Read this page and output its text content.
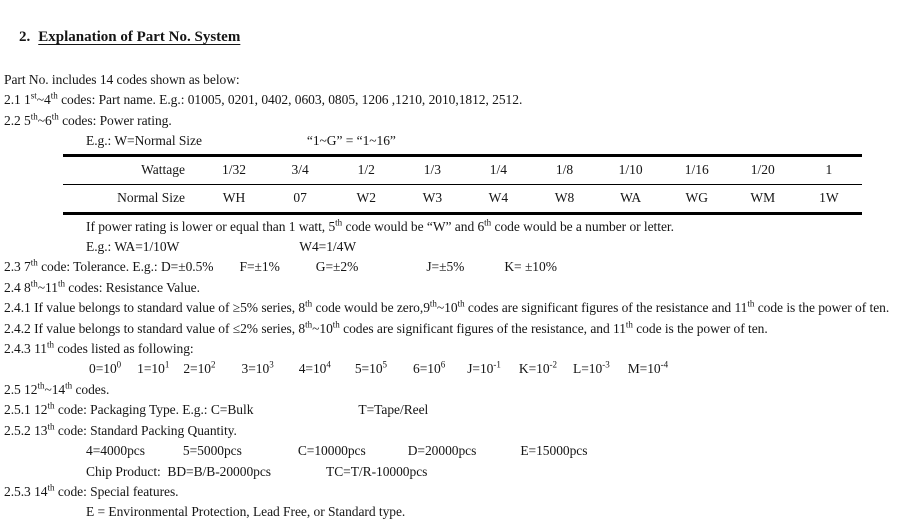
2. Explanation of Part No. System

Part No. includes 14 codes shown as below:
2.1 1st~4th codes: Part name. E.g.: 01005, 0201, 0402, 0603, 0805, 1206 ,1210, 2010,1812, 2512.
2.2 5th~6th codes: Power rating.
E.g.: W=Normal Size	“1~G” = “1~16”
Wattage	1/32	3/4	1/2	1/3	1/4	1/8	1/10	1/16	1/20	1
Normal Size	WH	07	W2	W3	W4	W8	WA	WG	WM	1W
If power rating is lower or equal than 1 watt, 5th code would be “W” and 6th code would be a number or letter.
E.g.: WA=1/10W	W4=1/4W
2.3 7th code: Tolerance. E.g.: D=±0.5% F=±1%	G=±2%	J=±5%	K= ±10%
2.4 8th~11th codes: Resistance Value.
2.4.1 If value belongs to standard value of ≥5% series, 8th code would be zero,9th~10th codes are significant figures of the resistance and 11th code is the power of ten.
2.4.2 If value belongs to standard value of ≤2% series, 8th~10th codes are significant figures of the resistance, and 11th code is the power of ten.
2.4.3 11th codes listed as following:
$0=10^0$ $1=10^1$ $2=10^2$ $3=10^3$ $4=10^4$ $5=10^5$ $6=10^6$ $J=10^{-1}$ $K=10^{-2}$ $L=10^{-3}$ $M=10^{-4}$
2.5 12th~14th codes.
2.5.1 12th code: Packaging Type. E.g.: C=Bulk	T=Tape/Reel
2.5.2 13th code: Standard Packing Quantity.
4=4000pcs	5=5000pcs	C=10000pcs	D=20000pcs	E=15000pcs
Chip Product:  BD=B/B-20000pcs	TC=T/R-10000pcs
2.5.3 14th code: Special features.
E = Environmental Protection, Lead Free, or Standard type.
